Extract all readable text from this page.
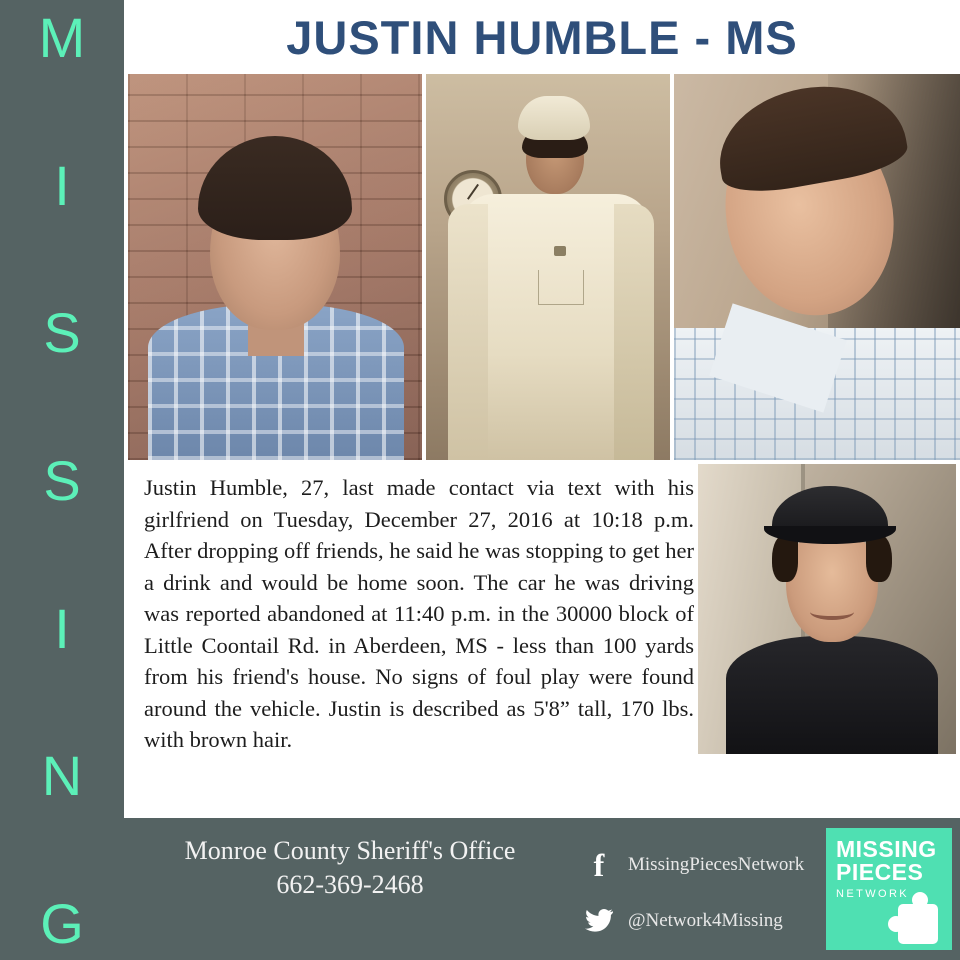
M
I
S
S
I
N
G
JUSTIN HUMBLE - MS
Justin Humble, 27, last made contact via text with his girlfriend on Tuesday, December 27, 2016 at 10:18 p.m. After dropping off friends, he said he was stopping to get her a drink and would be home soon. The car he was driving was reported abandoned at 11:40 p.m. in the 30000 block of Little Coontail Rd. in Aberdeen, MS - less than 100 yards from his friend's house. No signs of foul play were found around the vehicle. Justin is described as 5'8” tall, 170 lbs. with brown hair.
Monroe County Sheriff's Office
662-369-2468
f MissingPiecesNetwork
@Network4Missing
MISSING
PIECES
NETWORK
